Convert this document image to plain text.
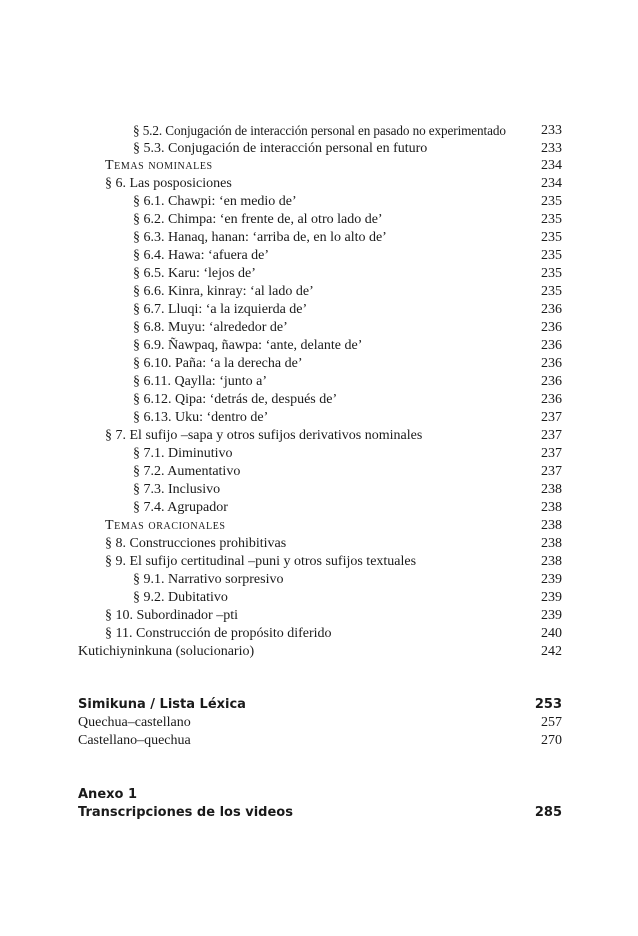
§ 5.2. Conjugación de interacción personal en pasado no experimentado	233
§ 5.3. Conjugación de interacción personal en futuro	233
Temas nominales	234
§ 6. Las posposiciones	234
§ 6.1. Chawpi: ‘en medio de’	235
§ 6.2. Chimpa: ‘en frente de, al otro lado de’	235
§ 6.3. Hanaq, hanan: ‘arriba de, en lo alto de’	235
§ 6.4. Hawa: ‘afuera de’	235
§ 6.5. Karu: ‘lejos de’	235
§ 6.6. Kinra, kinray: ‘al lado de’	235
§ 6.7. Lluqi: ‘a la izquierda de’	236
§ 6.8. Muyu: ‘alrededor de’	236
§ 6.9. Ñawpaq, ñawpa: ‘ante, delante de’	236
§ 6.10. Paña: ‘a la derecha de’	236
§ 6.11. Qaylla: ‘junto a’	236
§ 6.12. Qipa: ‘detrás de, después de’	236
§ 6.13. Uku: ‘dentro de’	237
§ 7. El sufijo –sapa y otros sufijos derivativos nominales	237
§ 7.1. Diminutivo	237
§ 7.2. Aumentativo	237
§ 7.3. Inclusivo	238
§ 7.4. Agrupador	238
Temas oracionales	238
§ 8. Construcciones prohibitivas	238
§ 9. El sufijo certitudinal –puni y otros sufijos textuales	238
§ 9.1. Narrativo sorpresivo	239
§ 9.2. Dubitativo	239
§ 10. Subordinador –pti	239
§ 11. Construcción de propósito diferido	240
Kutichiyninkuna (solucionario)	242
Simikuna / Lista Léxica	253
Quechua–castellano	257
Castellano–quechua	270
Anexo 1
Transcripciones de los videos	285
